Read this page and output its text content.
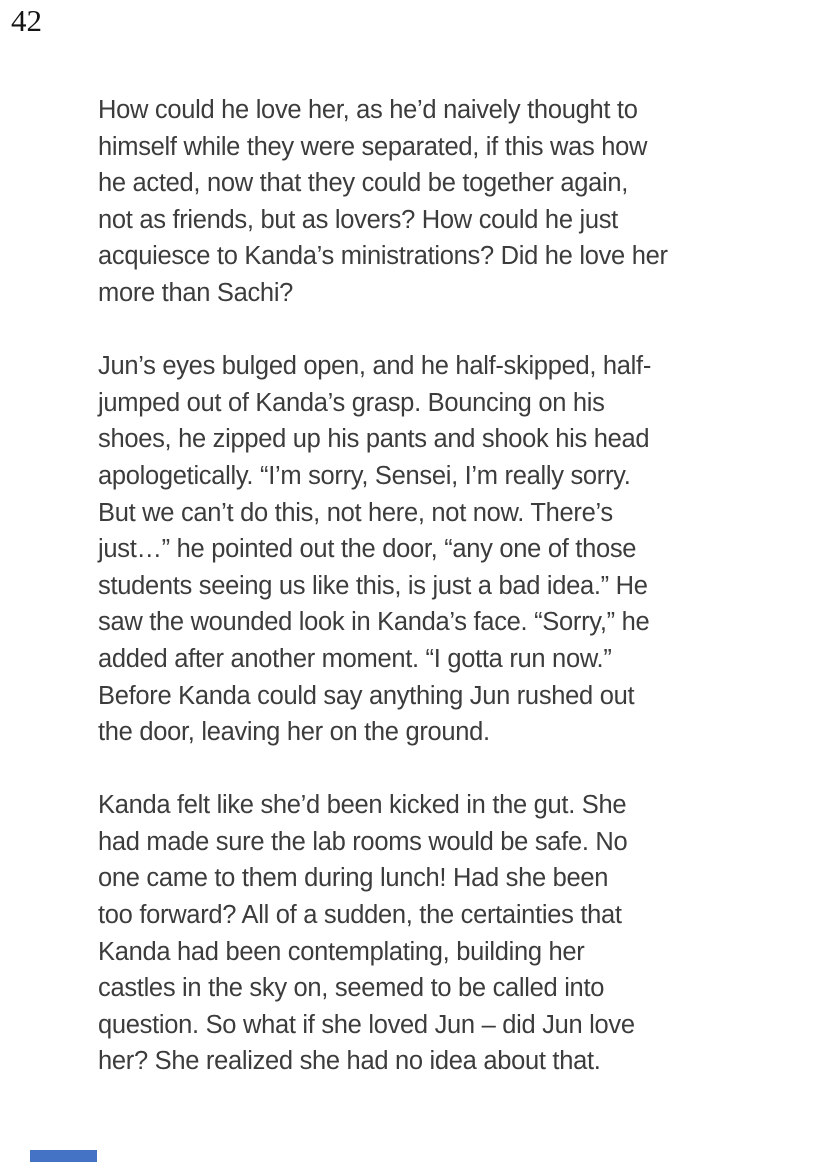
42

How could he love her, as he’d naively thought to
himself while they were separated, if this was how
he acted, now that they could be together again,
not as friends, but as lovers? How could he just
acquiesce to Kanda’s ministrations? Did he love her
more than Sachi?

Jun’s eyes bulged open, and he half-skipped, half-
jumped out of Kanda’s grasp. Bouncing on his
shoes, he zipped up his pants and shook his head
apologetically. “I’m sorry, Sensei, I’m really sorry.
But we can’t do this, not here, not now. There’s
just…” he pointed out the door, “any one of those
students seeing us like this, is just a bad idea.” He
saw the wounded look in Kanda’s face. “Sorry,” he
added after another moment. “I gotta run now.”
Before Kanda could say anything Jun rushed out
the door, leaving her on the ground.

Kanda felt like she’d been kicked in the gut. She
had made sure the lab rooms would be safe. No
one came to them during lunch! Had she been
too forward? All of a sudden, the certainties that
Kanda had been contemplating, building her
castles in the sky on, seemed to be called into
question. So what if she loved Jun – did Jun love
her? She realized she had no idea about that.
